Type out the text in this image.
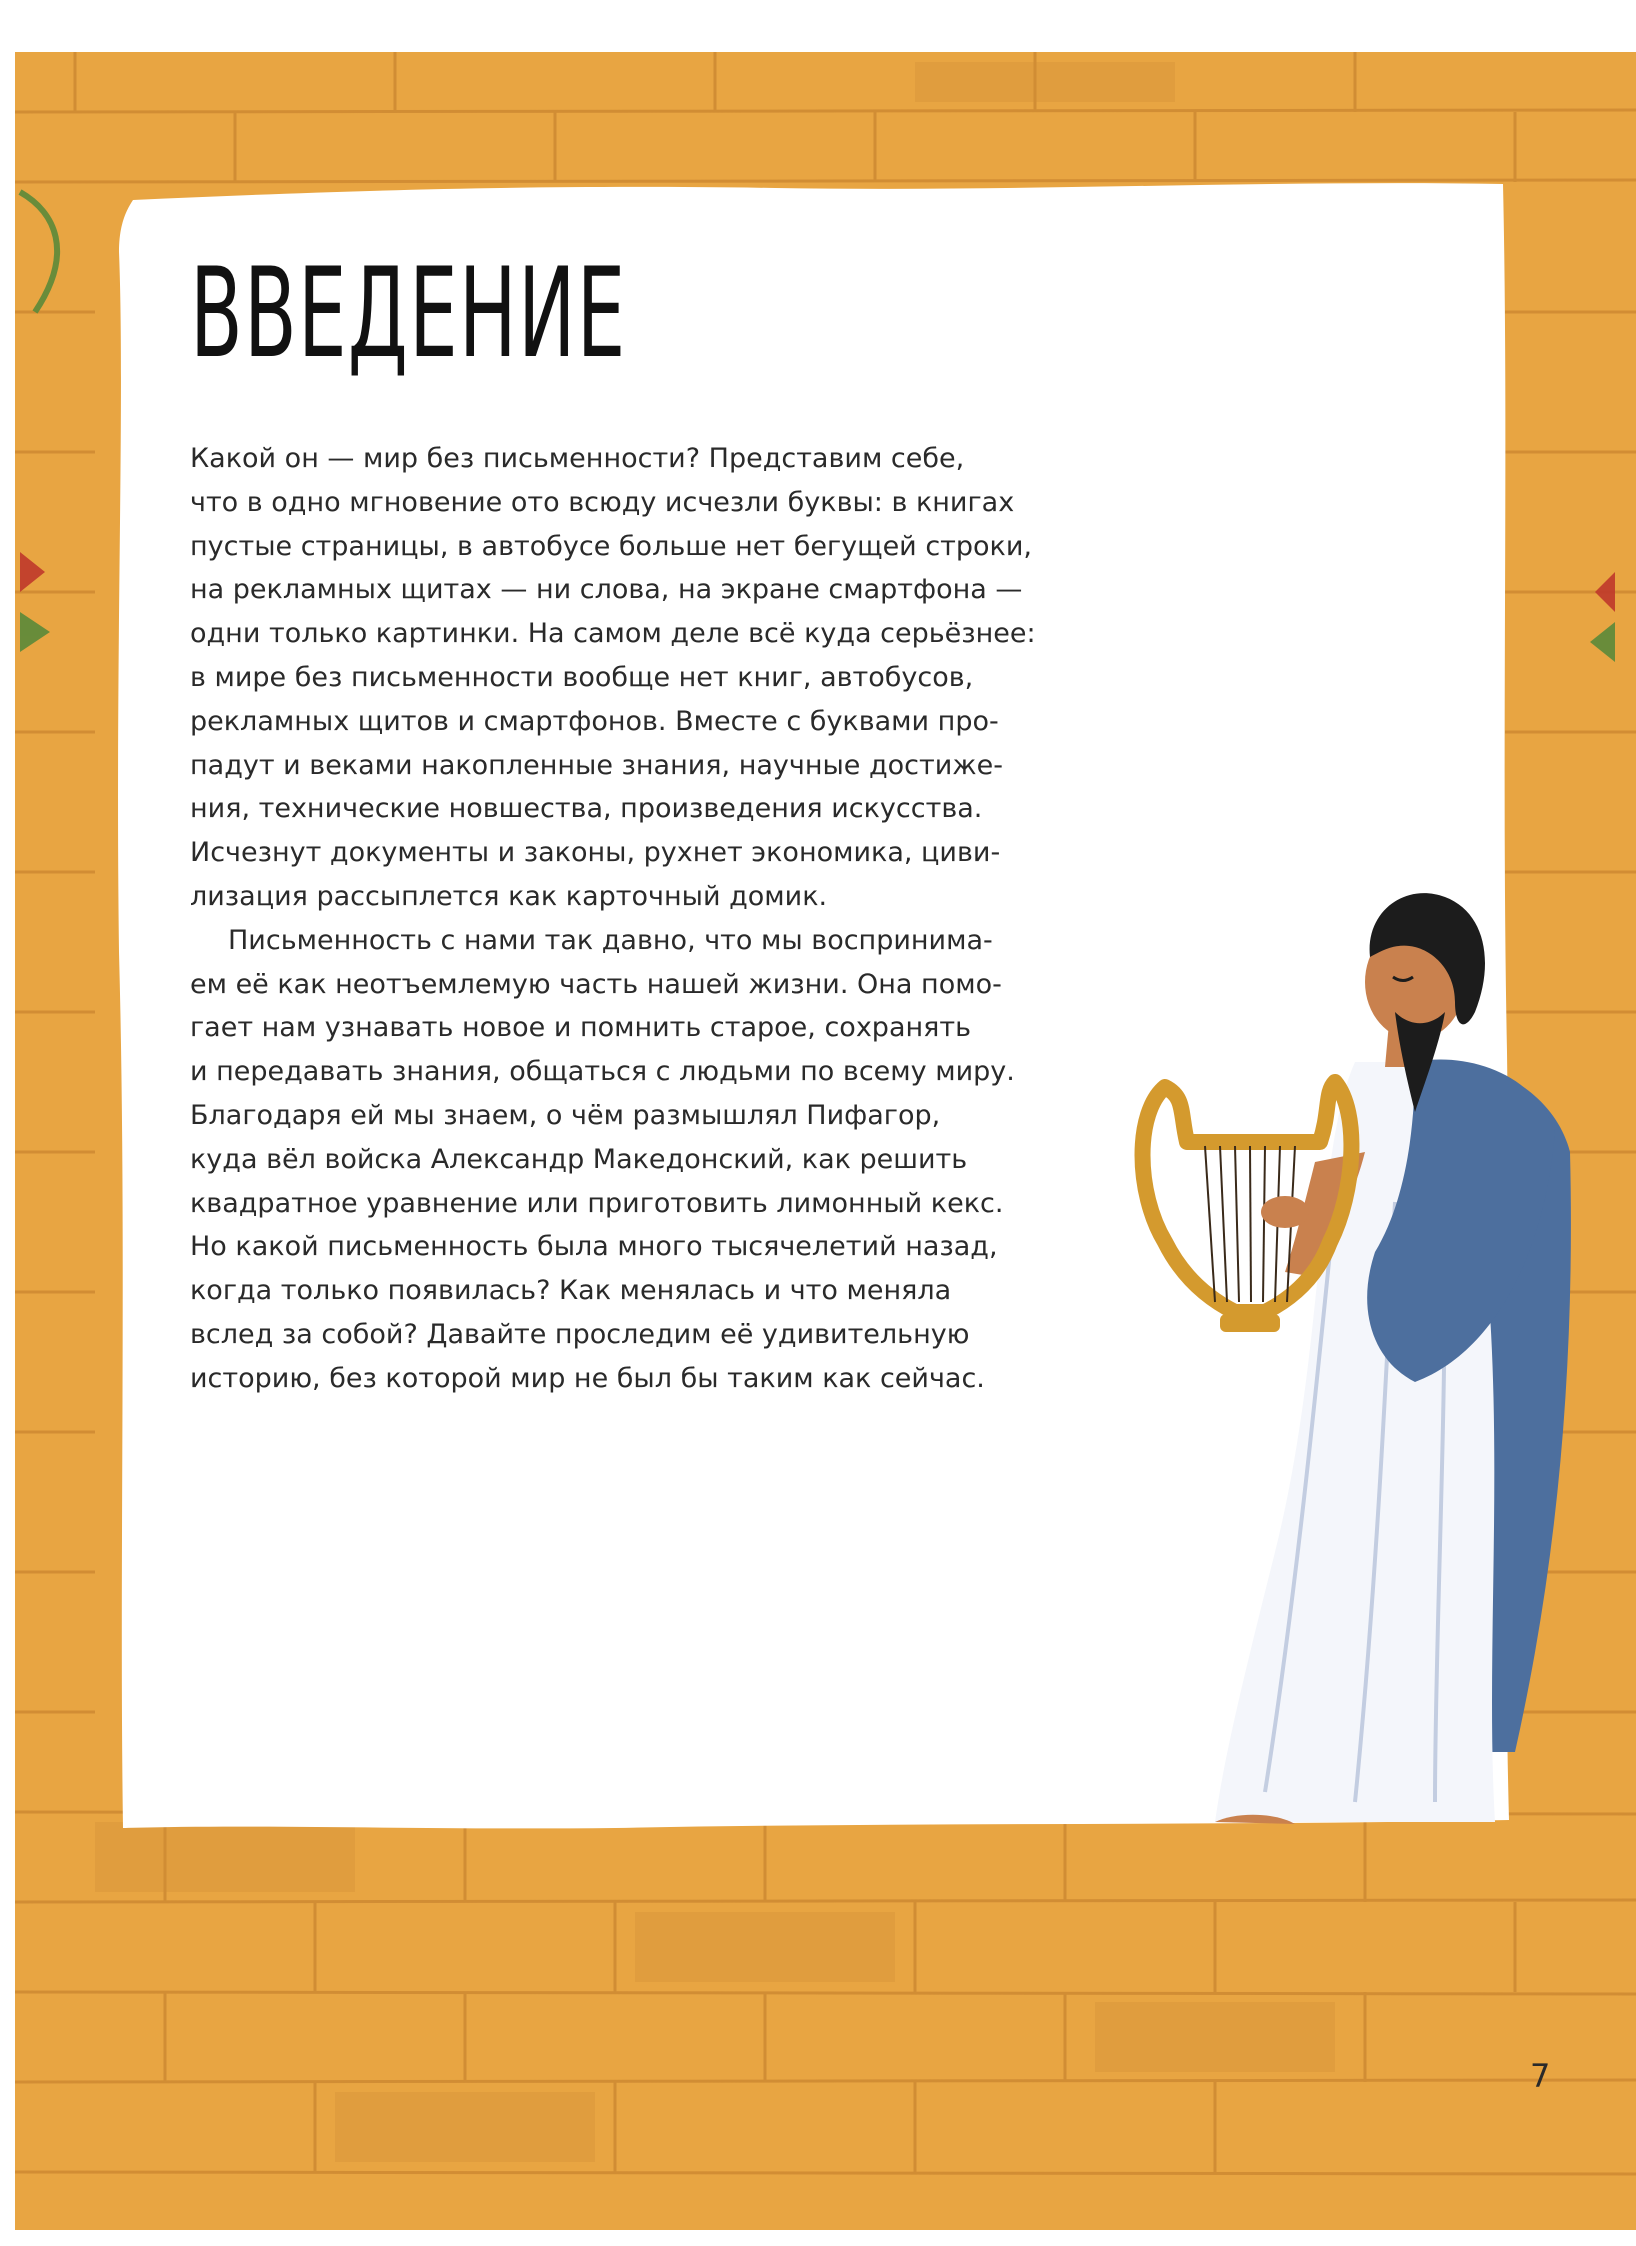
ВВЕДЕНИЕ

Какой он — мир без письменности? Представим себе,
что в одно мгновение ото всюду исчезли буквы: в книгах
пустые страницы, в автобусе больше нет бегущей строки,
на рекламных щитах — ни слова, на экране смартфона —
одни только картинки. На самом деле всё куда серьёзнее:
в мире без письменности вообще нет книг, автобусов,
рекламных щитов и смартфонов. Вместе с буквами про-
падут и веками накопленные знания, научные достиже-
ния, технические новшества, произведения искусства.
Исчезнут документы и законы, рухнет экономика, циви-
лизация рассыплется как карточный домик.

Письменность с нами так давно, что мы воспринима-
ем её как неотъемлемую часть нашей жизни. Она помо-
гает нам узнавать новое и помнить старое, сохранять
и передавать знания, общаться с людьми по всему миру.
Благодаря ей мы знаем, о чём размышлял Пифагор,
куда вёл войска Александр Македонский, как решить
квадратное уравнение или приготовить лимонный кекс.
Но какой письменность была много тысячелетий назад,
когда только появилась? Как менялась и что меняла
вслед за собой? Давайте проследим её удивительную
историю, без которой мир не был бы таким как сейчас.

7
